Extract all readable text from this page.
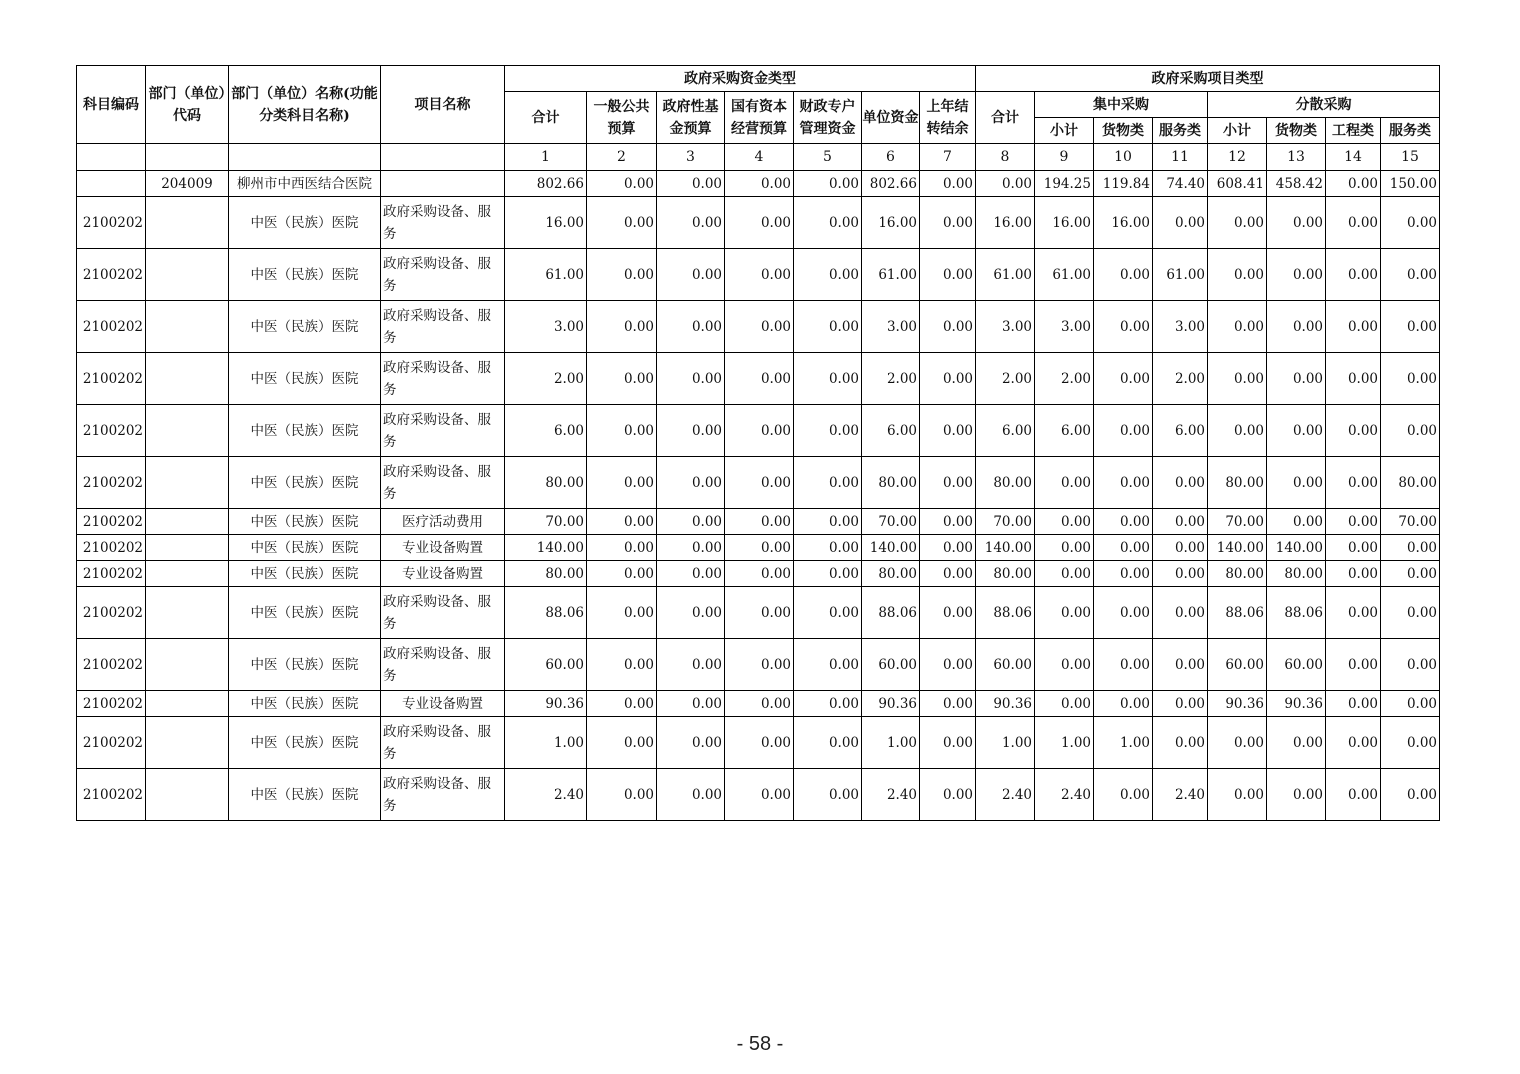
科目编码	部门（单位）代码	部门（单位）名称(功能分类科目名称)	项目名称	政府采购资金类型							政府采购项目类型							
				合计	一般公共预算	政府性基金预算	国有资本经营预算	财政专户管理资金	单位资金	上年结转结余	合计	集中采购			分散采购			
												小计	货物类	服务类	小计	货物类	工程类	服务类
				1	2	3	4	5	6	7	8	9	10	11	12	13	14	15
	204009	柳州市中西医结合医院		802.66	0.00	0.00	0.00	0.00	802.66	0.00	0.00	194.25	119.84	74.40	608.41	458.42	0.00	150.00
2100202		中医（民族）医院	政府采购设备、服务	16.00	0.00	0.00	0.00	0.00	16.00	0.00	16.00	16.00	16.00	0.00	0.00	0.00	0.00	0.00
2100202		中医（民族）医院	政府采购设备、服务	61.00	0.00	0.00	0.00	0.00	61.00	0.00	61.00	61.00	0.00	61.00	0.00	0.00	0.00	0.00
2100202		中医（民族）医院	政府采购设备、服务	3.00	0.00	0.00	0.00	0.00	3.00	0.00	3.00	3.00	0.00	3.00	0.00	0.00	0.00	0.00
2100202		中医（民族）医院	政府采购设备、服务	2.00	0.00	0.00	0.00	0.00	2.00	0.00	2.00	2.00	0.00	2.00	0.00	0.00	0.00	0.00
2100202		中医（民族）医院	政府采购设备、服务	6.00	0.00	0.00	0.00	0.00	6.00	0.00	6.00	6.00	0.00	6.00	0.00	0.00	0.00	0.00
2100202		中医（民族）医院	政府采购设备、服务	80.00	0.00	0.00	0.00	0.00	80.00	0.00	80.00	0.00	0.00	0.00	80.00	0.00	0.00	80.00
2100202		中医（民族）医院	医疗活动费用	70.00	0.00	0.00	0.00	0.00	70.00	0.00	70.00	0.00	0.00	0.00	70.00	0.00	0.00	70.00
2100202		中医（民族）医院	专业设备购置	140.00	0.00	0.00	0.00	0.00	140.00	0.00	140.00	0.00	0.00	0.00	140.00	140.00	0.00	0.00
2100202		中医（民族）医院	专业设备购置	80.00	0.00	0.00	0.00	0.00	80.00	0.00	80.00	0.00	0.00	0.00	80.00	80.00	0.00	0.00
2100202		中医（民族）医院	政府采购设备、服务	88.06	0.00	0.00	0.00	0.00	88.06	0.00	88.06	0.00	0.00	0.00	88.06	88.06	0.00	0.00
2100202		中医（民族）医院	政府采购设备、服务	60.00	0.00	0.00	0.00	0.00	60.00	0.00	60.00	0.00	0.00	0.00	60.00	60.00	0.00	0.00
2100202		中医（民族）医院	专业设备购置	90.36	0.00	0.00	0.00	0.00	90.36	0.00	90.36	0.00	0.00	0.00	90.36	90.36	0.00	0.00
2100202		中医（民族）医院	政府采购设备、服务	1.00	0.00	0.00	0.00	0.00	1.00	0.00	1.00	1.00	1.00	0.00	0.00	0.00	0.00	0.00
2100202		中医（民族）医院	政府采购设备、服务	2.40	0.00	0.00	0.00	0.00	2.40	0.00	2.40	2.40	0.00	2.40	0.00	0.00	0.00	0.00
- 58 -
